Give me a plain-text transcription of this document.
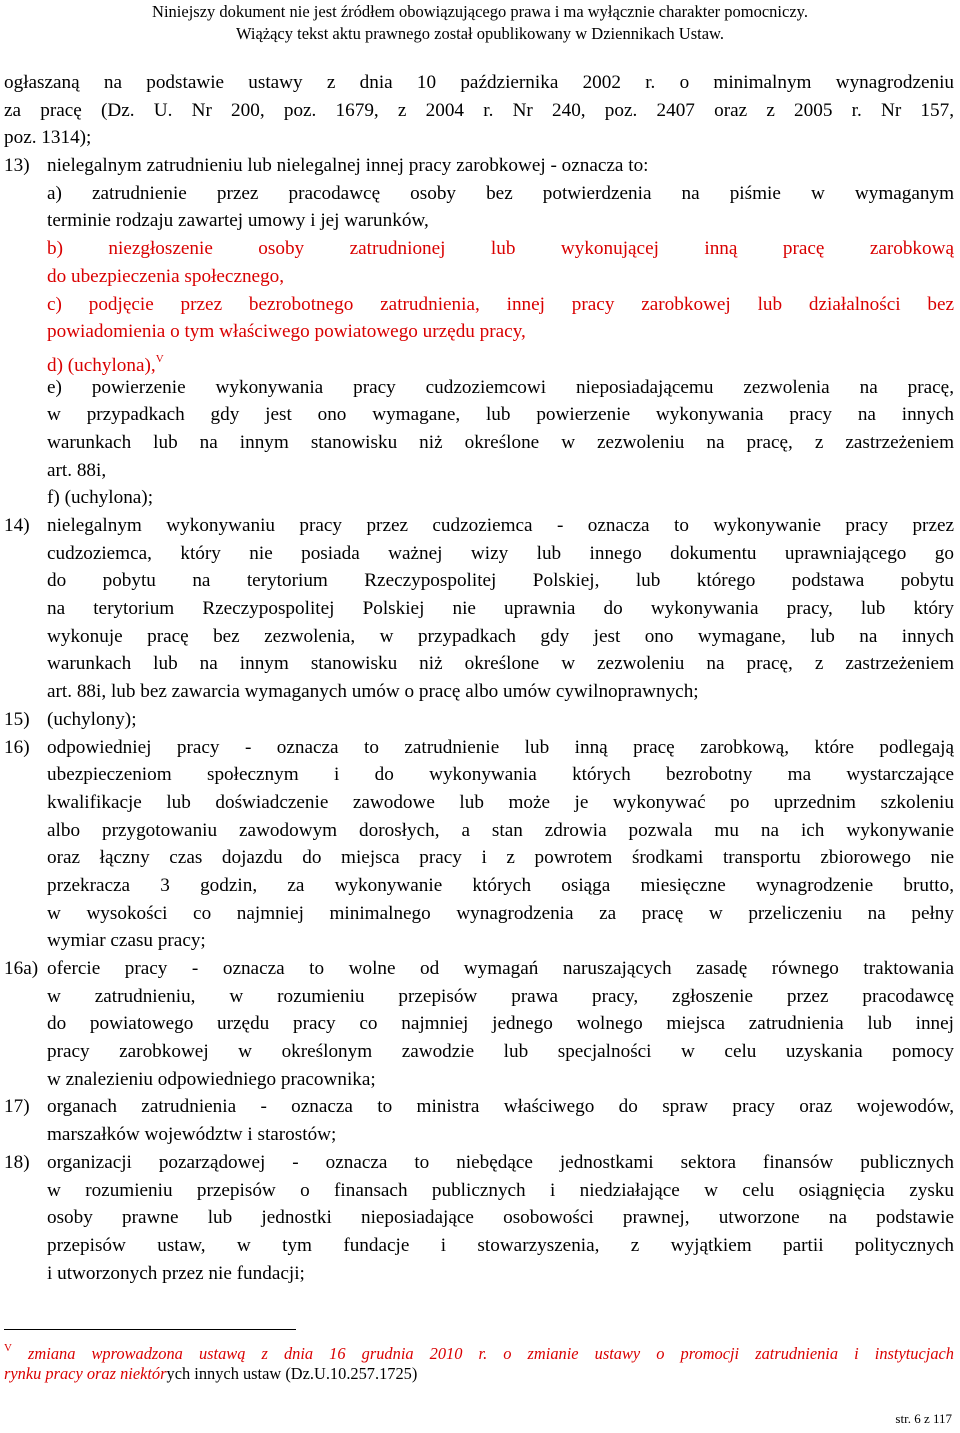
Niniejszy dokument nie jest źródłem obowiązującego prawa i ma wyłącznie charakter pomocniczy.
Wiążący tekst aktu prawnego został opublikowany w Dziennikach Ustaw.
ogłaszaną na podstawie ustawy z dnia 10 października 2002 r. o minimalnym wynagrodzeniu
za pracę (Dz. U. Nr 200, poz. 1679, z 2004 r. Nr 240, poz. 2407 oraz z 2005 r. Nr 157,
poz. 1314);
13) nielegalnym zatrudnieniu lub nielegalnej innej pracy zarobkowej - oznacza to:
a) zatrudnienie przez pracodawcę osoby bez potwierdzenia na piśmie w wymaganym
terminie rodzaju zawartej umowy i jej warunków,
b) niezgłoszenie osoby zatrudnionej lub wykonującej inną pracę zarobkową
do ubezpieczenia społecznego,
c) podjęcie przez bezrobotnego zatrudnienia, innej pracy zarobkowej lub działalności bez
powiadomienia o tym właściwego powiatowego urzędu pracy,
d) (uchylona),$^V$
e) powierzenie wykonywania pracy cudzoziemcowi nieposiadającemu zezwolenia na pracę,
w przypadkach gdy jest ono wymagane, lub powierzenie wykonywania pracy na innych
warunkach lub na innym stanowisku niż określone w zezwoleniu na pracę, z zastrzeżeniem
art. 88i,
f) (uchylona);
14) nielegalnym wykonywaniu pracy przez cudzoziemca - oznacza to wykonywanie pracy przez
cudzoziemca, który nie posiada ważnej wizy lub innego dokumentu uprawniającego go
do pobytu na terytorium Rzeczypospolitej Polskiej, lub którego podstawa pobytu
na terytorium Rzeczypospolitej Polskiej nie uprawnia do wykonywania pracy, lub który
wykonuje pracę bez zezwolenia, w przypadkach gdy jest ono wymagane, lub na innych
warunkach lub na innym stanowisku niż określone w zezwoleniu na pracę, z zastrzeżeniem
art. 88i, lub bez zawarcia wymaganych umów o pracę albo umów cywilnoprawnych;
15) (uchylony);
16) odpowiedniej pracy - oznacza to zatrudnienie lub inną pracę zarobkową, które podlegają
ubezpieczeniom społecznym i do wykonywania których bezrobotny ma wystarczające
kwalifikacje lub doświadczenie zawodowe lub może je wykonywać po uprzednim szkoleniu
albo przygotowaniu zawodowym dorosłych, a stan zdrowia pozwala mu na ich wykonywanie
oraz łączny czas dojazdu do miejsca pracy i z powrotem środkami transportu zbiorowego nie
przekracza 3 godzin, za wykonywanie których osiąga miesięczne wynagrodzenie brutto,
w wysokości co najmniej minimalnego wynagrodzenia za pracę w przeliczeniu na pełny
wymiar czasu pracy;
16a) ofercie pracy - oznacza to wolne od wymagań naruszających zasadę równego traktowania
w zatrudnieniu, w rozumieniu przepisów prawa pracy, zgłoszenie przez pracodawcę
do powiatowego urzędu pracy co najmniej jednego wolnego miejsca zatrudnienia lub innej
pracy zarobkowej w określonym zawodzie lub specjalności w celu uzyskania pomocy
w znalezieniu odpowiedniego pracownika;
17) organach zatrudnienia - oznacza to ministra właściwego do spraw pracy oraz wojewodów,
marszałków województw i starostów;
18) organizacji pozarządowej - oznacza to niebędące jednostkami sektora finansów publicznych
w rozumieniu przepisów o finansach publicznych i niedziałające w celu osiągnięcia zysku
osoby prawne lub jednostki nieposiadające osobowości prawnej, utworzone na podstawie
przepisów ustaw, w tym fundacje i stowarzyszenia, z wyjątkiem partii politycznych
i utworzonych przez nie fundacji;
$^V$ zmiana wprowadzona ustawą z dnia 16 grudnia 2010 r. o zmianie ustawy o promocji zatrudnienia i instytucjach
rynku pracy oraz niektórych innych ustaw (Dz.U.10.257.1725)
str. 6 z 117
